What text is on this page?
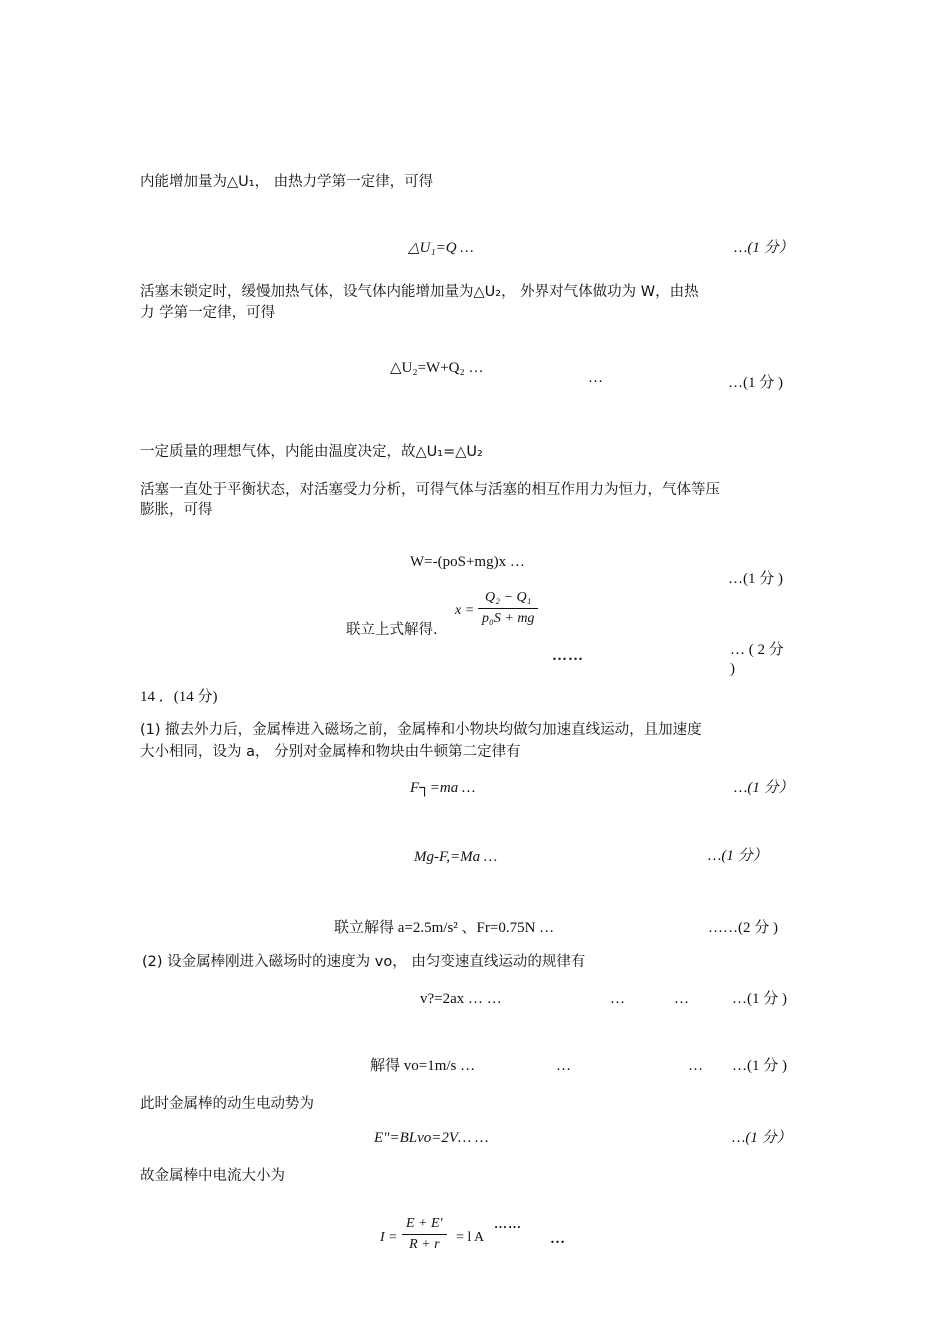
内能增加量为△U₁， 由热力学第一定律，可得
△U₁=Q …	…(1 分）
活塞末锁定时，缓慢加热气体，设气体内能增加量为△U₂， 外界对气体做功为 W，由热
力 学第一定律，可得
△U₂=W+Q₂ …
…	…(1 分 )
一定质量的理想气体，内能由温度决定，故△U₁=△U₂
活塞一直处于平衡状态，对活塞受力分析，可得气体与活塞的相互作用力为恒力，气体等压
膨胀，可得
W=-(poS+mg)x …
…(1 分 )
联立上式解得.
$x = \frac{\text{Q₂ − Q₁}}{\text{p₀S + mg}}$
……	… ( 2 分
)
14 ．(14 分)
(1) 撤去外力后，金属棒进入磁场之前，金属棒和小物块均做匀加速直线运动，且加速度
大小相同，设为 a， 分别对金属棒和物块由牛顿第二定律有
F┐=ma …	…(1 分）
Mg-F,=Ma …	…(1 分）
联立解得 a=2.5m/s² 、Fr=0.75N …	……(2 分 )
(2) 设金属棒刚进入磁场时的速度为 vo， 由匀变速直线运动的规律有
v?=2ax … …	…	…	…(1 分 )
解得 vo=1m/s …	…	… …(1 分 )
此时金属棒的动生电动势为
E"=BLvo=2V… …	…(1 分）
故金属棒中电流大小为
$I = \frac{E + E'}{R + r} = l$ A
……
…
